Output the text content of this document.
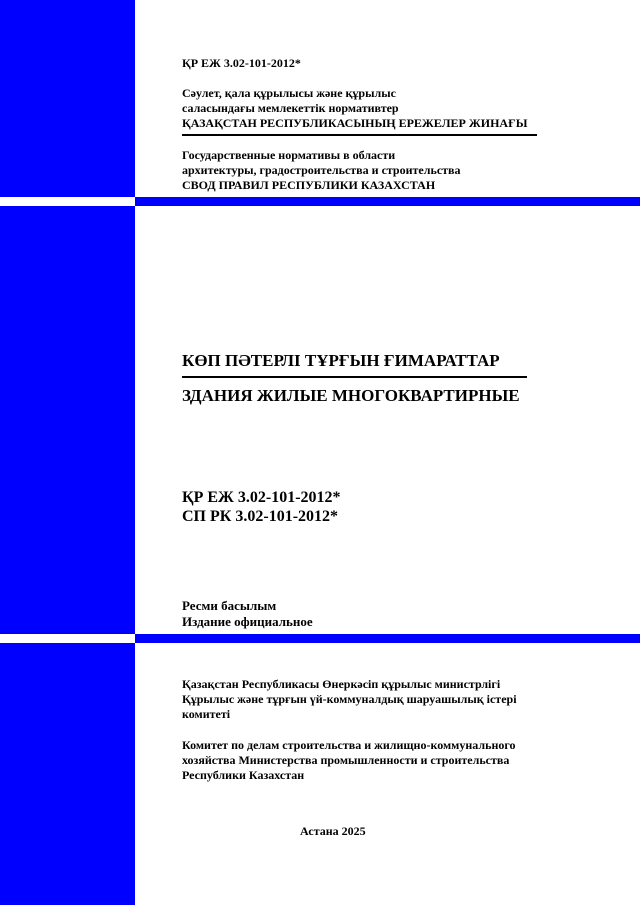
ҚР ЕЖ 3.02-101-2012*

Сәулет, қала құрылысы және құрылыс

саласындағы мемлекеттік нормативтер

ҚАЗАҚСТАН РЕСПУБЛИКАСЫНЫҢ ЕРЕЖЕЛЕР ЖИНАҒЫ

Государственные нормативы в области

архитектуры, градостроительства и строительства

СВОД ПРАВИЛ РЕСПУБЛИКИ КАЗАХСТАН

КӨП ПӘТЕРЛІ ТҰРҒЫН ҒИМАРАТТАР

ЗДАНИЯ ЖИЛЫЕ МНОГОКВАРТИРНЫЕ

ҚР ЕЖ 3.02-101-2012*

СП РК 3.02-101-2012*

Ресми басылым

Издание официальное

Қазақстан Республикасы Өнеркәсіп құрылыс министрлігі

Құрылыс және тұрғын үй-коммуналдық шаруашылық істері

комитеті

Комитет по делам строительства и жилищно-коммунального

хозяйства Министерства промышленности и строительства

Республики Казахстан

Астана 2025
